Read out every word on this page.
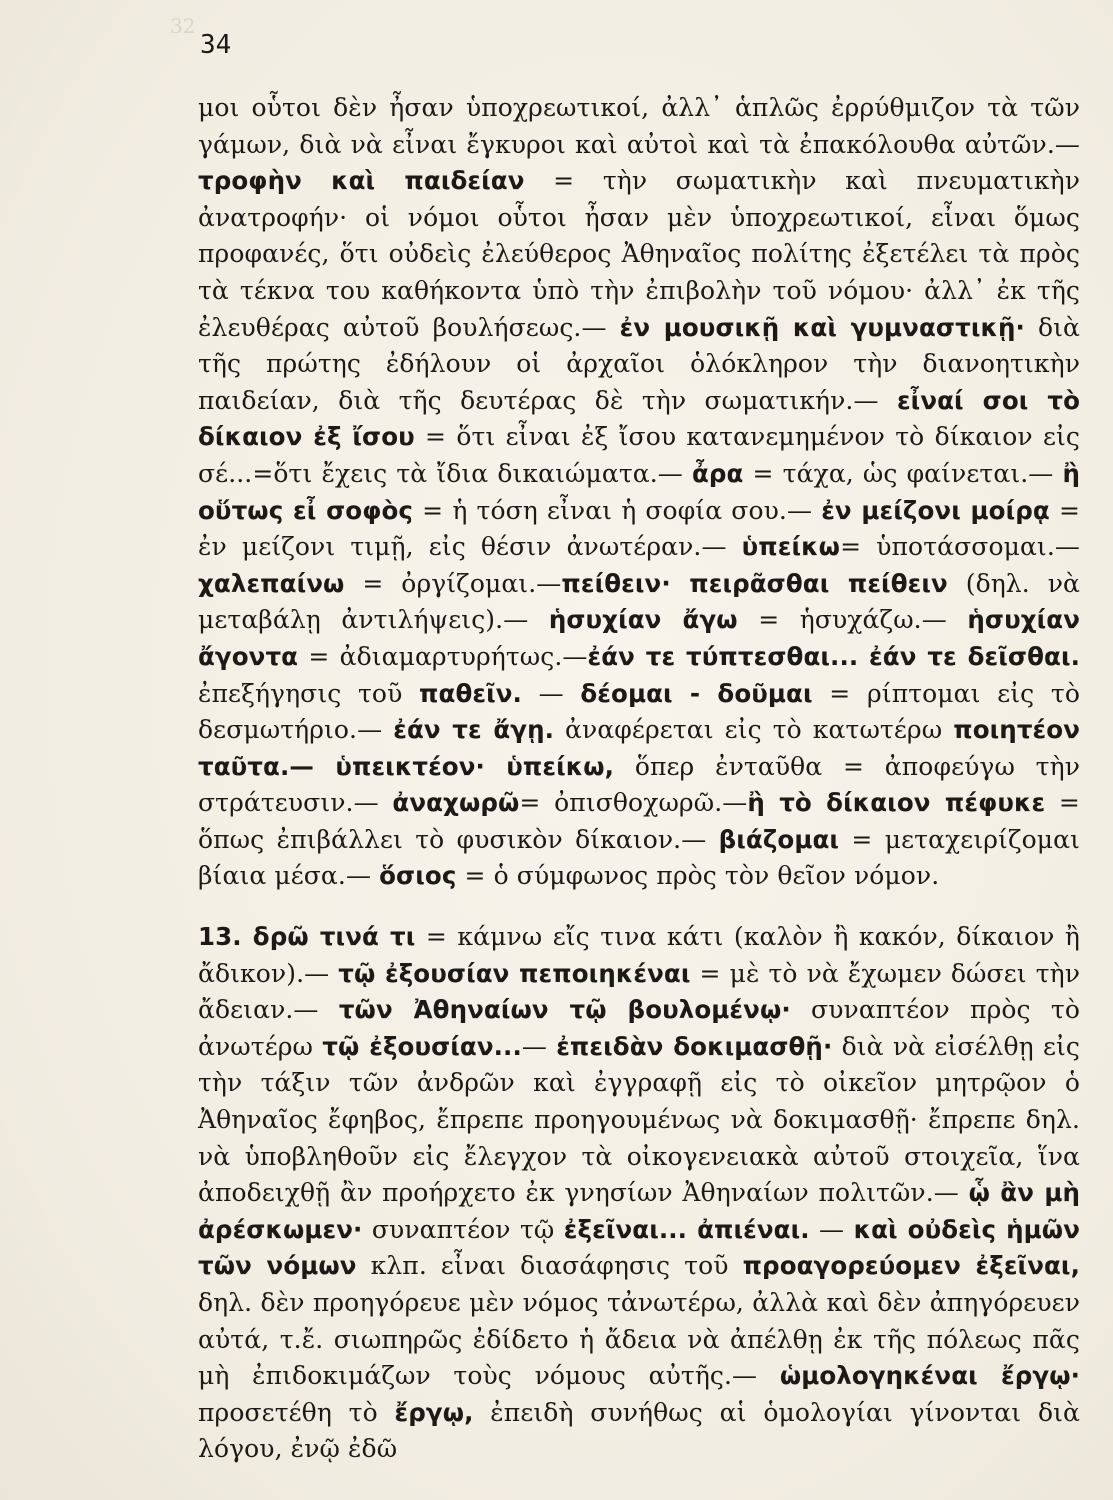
32
34

μοι οὗτοι δὲν ἦσαν ὑποχρεωτικοί, ἀλλ᾽ ἁπλῶς ἐρρύθμιζον τὰ τῶν γάμων, διὰ νὰ εἶναι ἔγκυροι καὶ αὐτοὶ καὶ τὰ ἐπακόλουθα αὐτῶν.— τροφὴν καὶ παιδείαν = τὴν σωματικὴν καὶ πνευματικὴν ἀνατροφήν· οἱ νόμοι οὗτοι ἦσαν μὲν ὑποχρεωτικοί, εἶναι ὅμως προφανές, ὅτι οὐδεὶς ἐλεύθερος Ἀθηναῖος πολίτης ἐξετέλει τὰ πρὸς τὰ τέκνα του καθήκοντα ὑπὸ τὴν ἐπιβολὴν τοῦ νόμου· ἀλλ᾽ ἐκ τῆς ἐλευθέρας αὐτοῦ βουλήσεως.— ἐν μουσικῇ καὶ γυμναστικῇ· διὰ τῆς πρώτης ἐδήλουν οἱ ἀρχαῖοι ὁλόκληρον τὴν διανοητικὴν παιδείαν, διὰ τῆς δευτέρας δὲ τὴν σωματικήν.— εἶναί σοι τὸ δίκαιον ἐξ ἴσου = ὅτι εἶναι ἐξ ἴσου κατανεμημένον τὸ δίκαιον εἰς σέ...=ὅτι ἔχεις τὰ ἴδια δικαιώματα.— ἆρα = τάχα, ὡς φαίνεται.— ἢ οὕτως εἶ σοφὸς = ἡ τόση εἶναι ἡ σοφία σου.— ἐν μείζονι μοίρᾳ = ἐν μείζονι τιμῇ, εἰς θέσιν ἀνωτέραν.— ὑπείκω= ὑποτάσσομαι.— χαλεπαίνω = ὀργίζομαι.—πείθειν· πειρᾶσθαι πείθειν (δηλ. νὰ μεταβάλῃ ἀντιλήψεις).— ἡσυχίαν ἄγω = ἡσυχάζω.— ἡσυχίαν ἄγοντα = ἀδιαμαρτυρήτως.—ἐάν τε τύπτεσθαι... ἐάν τε δεῖσθαι. ἐπεξήγησις τοῦ παθεῖν. — δέομαι - δοῦμαι = ρίπτομαι εἰς τὸ δεσμωτήριο.— ἐάν τε ἄγῃ. ἀναφέρεται εἰς τὸ κατωτέρω ποιητέον ταῦτα.— ὑπεικτέον· ὑπείκω, ὅπερ ἐνταῦθα = ἀποφεύγω τὴν στράτευσιν.— ἀναχωρῶ= ὀπισθοχωρῶ.—ἢ τὸ δίκαιον πέφυκε = ὅπως ἐπιβάλλει τὸ φυσικὸν δίκαιον.— βιάζομαι = μεταχειρίζομαι βίαια μέσα.— ὅσιος = ὁ σύμφωνος πρὸς τὸν θεῖον νόμον.

13. δρῶ τινά τι = κάμνω εἴς τινα κάτι (καλὸν ἢ κακόν, δίκαιον ἢ ἄδικον).— τῷ ἐξουσίαν πεποιηκέναι = μὲ τὸ νὰ ἔχωμεν δώσει τὴν ἄδειαν.— τῶν Ἀθηναίων τῷ βουλομένῳ· συναπτέον πρὸς τὸ ἀνωτέρω τῷ ἐξουσίαν...— ἐπειδὰν δοκιμασθῇ· διὰ νὰ εἰσέλθῃ εἰς τὴν τάξιν τῶν ἀνδρῶν καὶ ἐγγραφῇ εἰς τὸ οἰκεῖον μητρῷον ὁ Ἀθηναῖος ἔφηβος, ἔπρεπε προηγουμένως νὰ δοκιμασθῇ· ἔπρεπε δηλ. νὰ ὑποβληθοῦν εἰς ἔλεγχον τὰ οἰκογενειακὰ αὐτοῦ στοιχεῖα, ἵνα ἀποδειχθῇ ἂν προήρχετο ἐκ γνησίων Ἀθηναίων πολιτῶν.— ᾧ ἂν μὴ ἀρέσκωμεν· συναπτέον τῷ ἐξεῖναι... ἀπιέναι. — καὶ οὐδεὶς ἡμῶν τῶν νόμων κλπ. εἶναι διασάφησις τοῦ προαγορεύομεν ἐξεῖναι, δηλ. δὲν προηγόρευε μὲν νόμος τἀνωτέρω, ἀλλὰ καὶ δὲν ἀπηγόρευεν αὐτά, τ.ἔ. σιωπηρῶς ἐδίδετο ἡ ἄδεια νὰ ἀπέλθῃ ἐκ τῆς πόλεως πᾶς μὴ ἐπιδοκιμάζων τοὺς νόμους αὐτῆς.— ὡμολογηκέναι ἔργῳ· προσετέθη τὸ ἔργῳ, ἐπειδὴ συνήθως αἱ ὁμολογίαι γίνονται διὰ λόγου, ἐνῷ ἐδῶ
